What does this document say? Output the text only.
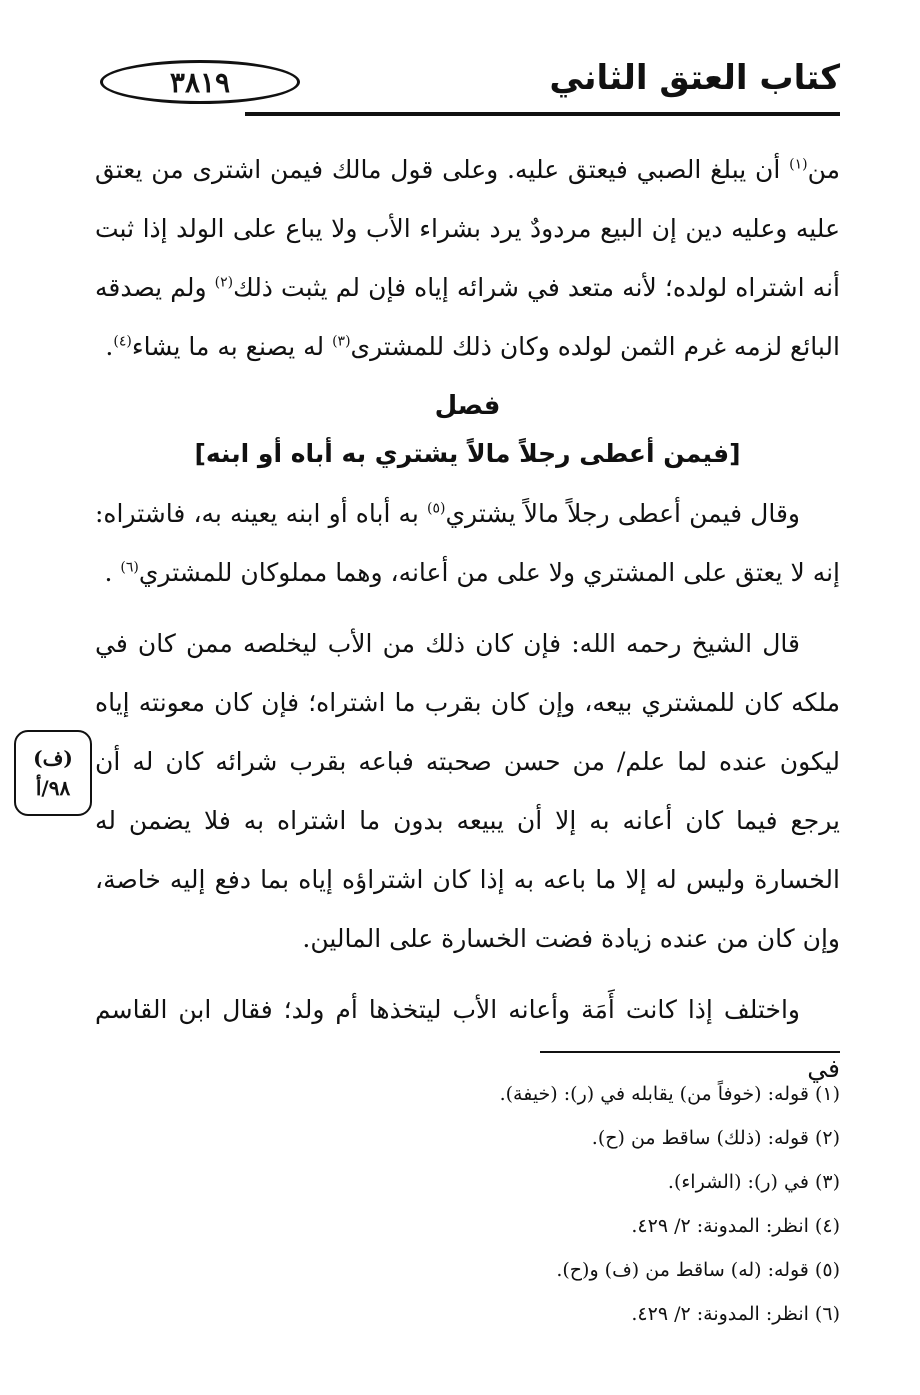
٣٨١٩	كتاب العتق الثاني
(ف)
٩٨/أ

من$^{(١)}$ أن يبلغ الصبي فيعتق عليه. وعلى قول مالك فيمن اشترى من يعتق عليه وعليه دين إن البيع مردودٌ يرد بشراء الأب ولا يباع على الولد إذا ثبت أنه اشتراه لولده؛ لأنه متعد في شرائه إياه فإن لم يثبت ذلك$^{(٢)}$ ولم يصدقه البائع لزمه غرم الثمن لولده وكان ذلك للمشترى$^{(٣)}$ له يصنع به ما يشاء$^{(٤)}$.

فصل
[فيمن أعطى رجلاً مالاً يشتري به أباه أو ابنه]

وقال فيمن أعطى رجلاً مالاً يشتري$^{(٥)}$ به أباه أو ابنه يعينه به، فاشتراه: إنه لا يعتق على المشتري ولا على من أعانه، وهما مملوكان للمشتري$^{(٦)}$ .

قال الشيخ رحمه الله: فإن كان ذلك من الأب ليخلصه ممن كان في ملكه كان للمشتري بيعه، وإن كان بقرب ما اشتراه؛ فإن كان معونته إياه ليكون عنده لما علم/ من حسن صحبته فباعه بقرب شرائه كان له أن يرجع فيما كان أعانه به إلا أن يبيعه بدون ما اشتراه به فلا يضمن له الخسارة وليس له إلا ما باعه به إذا كان اشتراؤه إياه بما دفع إليه خاصة، وإن كان من عنده زيادة فضت الخسارة على المالين.

واختلف إذا كانت أَمَة وأعانه الأب ليتخذها أم ولد؛ فقال ابن القاسم في

(١) قوله: (خوفاً من) يقابله في (ر): (خيفة).

(٢) قوله: (ذلك) ساقط من (ح).

(٣) في (ر): (الشراء).

(٤) انظر: المدونة: ٢/ ٤٢٩.

(٥) قوله: (له) ساقط من (ف) و(ح).

(٦) انظر: المدونة: ٢/ ٤٢٩.
